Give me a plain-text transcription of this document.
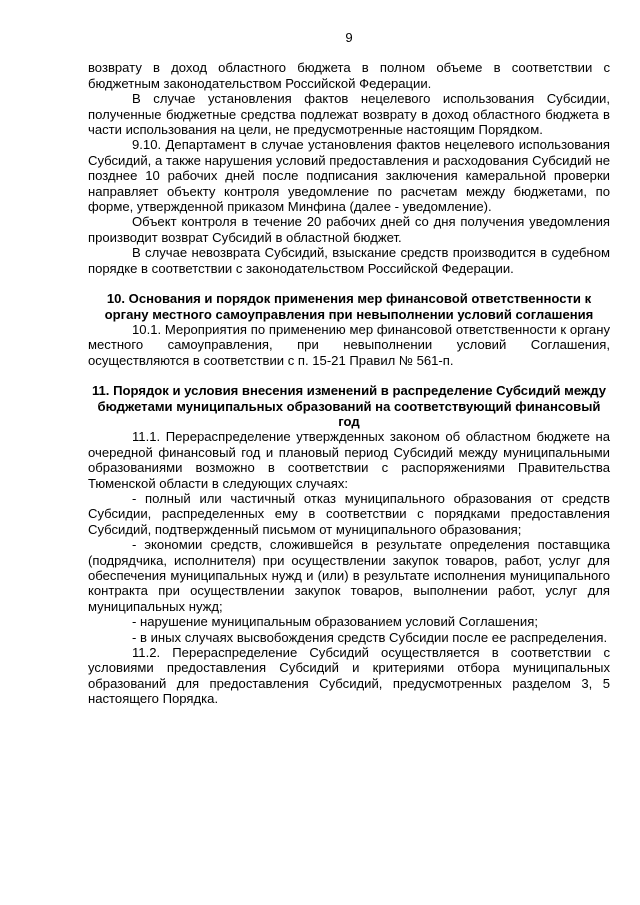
9

возврату в доход областного бюджета в полном объеме в соответствии с бюджетным законодательством Российской Федерации.

В случае установления фактов нецелевого использования Субсидии, полученные бюджетные средства подлежат возврату в доход областного бюджета в части использования на цели, не предусмотренные настоящим Порядком.

9.10. Департамент в случае установления фактов нецелевого использования Субсидий, а также нарушения условий предоставления и расходования Субсидий не позднее 10 рабочих дней после подписания заключения камеральной проверки направляет объекту контроля уведомление по расчетам между бюджетами, по форме, утвержденной приказом Минфина (далее - уведомление).

Объект контроля в течение 20 рабочих дней со дня получения уведомления производит возврат Субсидий в областной бюджет.

В случае невозврата Субсидий, взыскание средств производится в судебном порядке в соответствии с законодательством Российской Федерации.

10. Основания и порядок применения мер финансовой ответственности к органу местного самоуправления при невыполнении условий соглашения

10.1. Мероприятия по применению мер финансовой ответственности к органу местного самоуправления, при невыполнении условий Соглашения, осуществляются в соответствии с п. 15-21 Правил № 561-п.

11. Порядок и условия внесения изменений в распределение Субсидий между бюджетами муниципальных образований на соответствующий финансовый год

11.1. Перераспределение утвержденных законом об областном бюджете на очередной финансовый год и плановый период Субсидий между муниципальными образованиями возможно в соответствии с распоряжениями Правительства Тюменской области в следующих случаях:

- полный или частичный отказ муниципального образования от средств Субсидии, распределенных ему в соответствии с порядками предоставления Субсидий, подтвержденный письмом от муниципального образования;

- экономии средств, сложившейся в результате определения поставщика (подрядчика, исполнителя) при осуществлении закупок товаров, работ, услуг для обеспечения муниципальных нужд и (или) в результате исполнения муниципального контракта при осуществлении закупок товаров, выполнении работ, услуг для муниципальных нужд;

- нарушение муниципальным образованием условий Соглашения;

- в иных случаях высвобождения средств Субсидии после ее распределения.

11.2. Перераспределение Субсидий осуществляется в соответствии с условиями предоставления Субсидий и критериями отбора муниципальных образований для предоставления Субсидий, предусмотренных разделом 3, 5 настоящего Порядка.
